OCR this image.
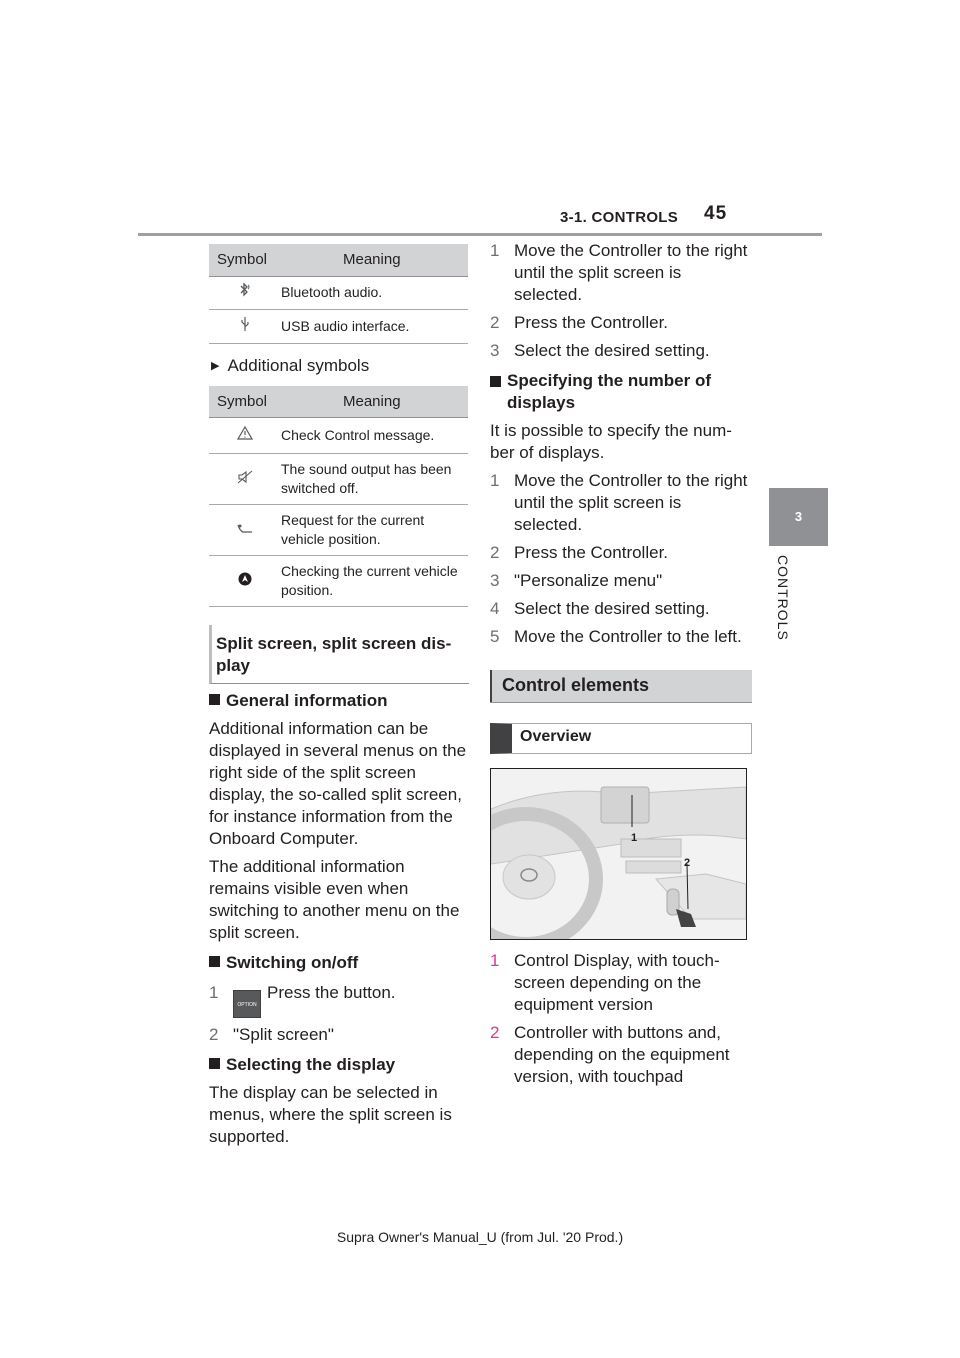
3-1. CONTROLS 45
3
CONTROLS
Symbol	Meaning
	Bluetooth audio.
	USB audio interface.
▶ Additional symbols
Symbol	Meaning
	Check Control message.
	The sound output has been switched off.
	Request for the current vehicle position.
	Checking the current vehicle position.
Split screen, split screen dis-play
General information
Additional information can be displayed in several menus on the right side of the split screen display, the so-called split screen, for instance information from the Onboard Computer.
The additional information remains visible even when switching to another menu on the split screen.
Switching on/off
1
OPTIONPress the button.
2 "Split screen"
Selecting the display
The display can be selected in menus, where the split screen is supported.
1 Move the Controller to the right until the split screen is selected.
2 Press the Controller.
3 Select the desired setting.
Specifying the number of displays
It is possible to specify the num-ber of displays.
1 Move the Controller to the right until the split screen is selected.
2 Press the Controller.
3 "Personalize menu"
4 Select the desired setting.
5 Move the Controller to the left.
Control elements
Overview
1
2
1 Control Display, with touch-screen depending on the equipment version
2 Controller with buttons and, depending on the equipment version, with touchpad
Supra Owner's Manual_U (from Jul. '20 Prod.)
